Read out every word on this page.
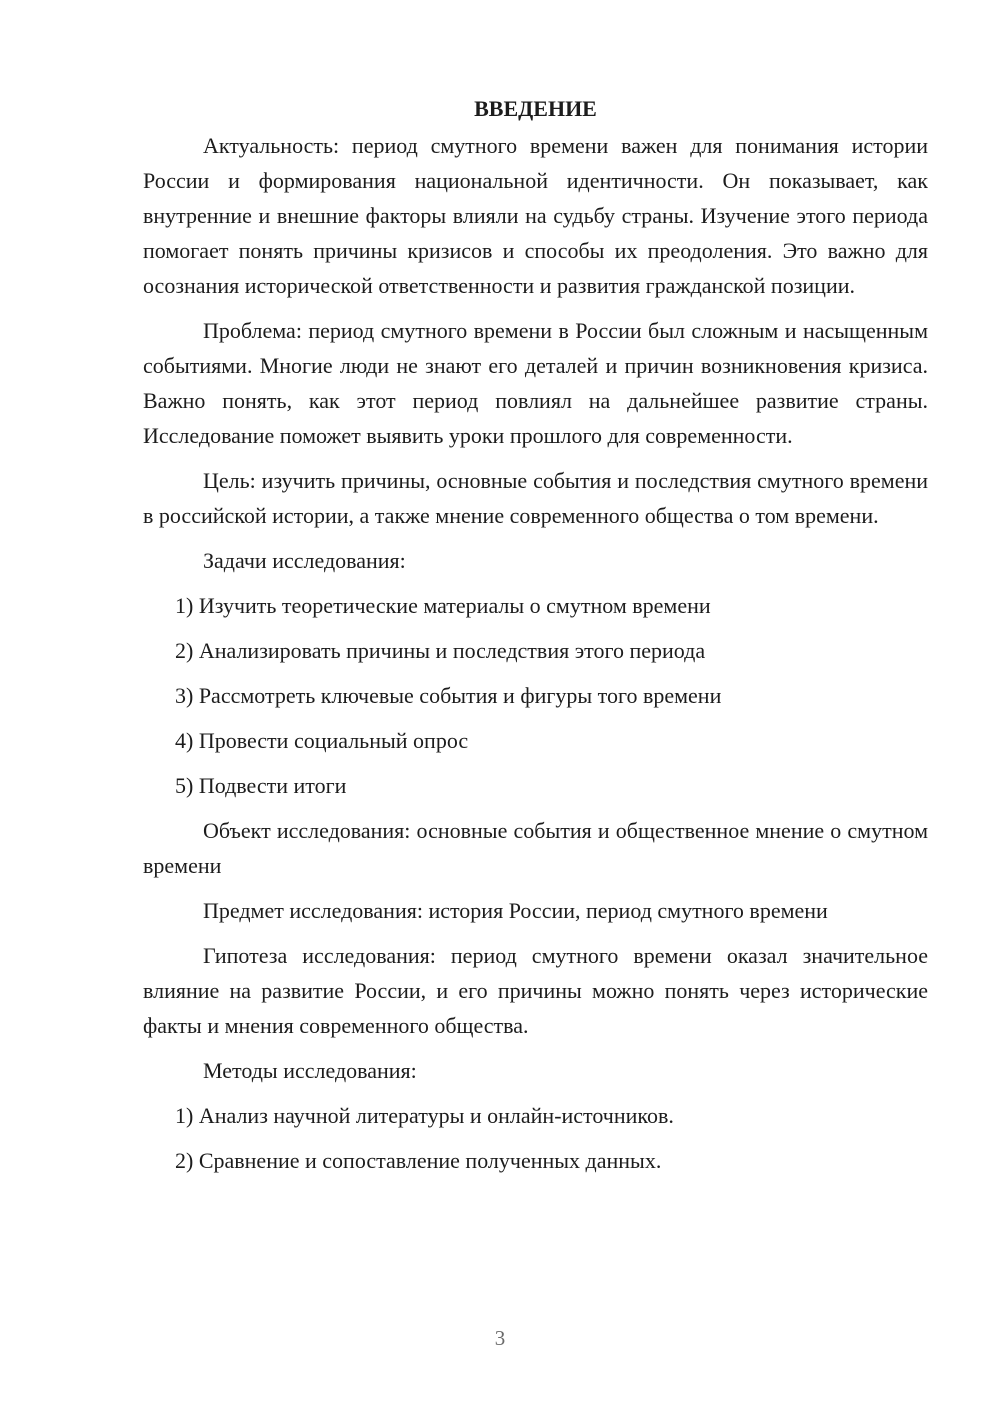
ВВЕДЕНИЕ

Актуальность: период смутного времени важен для понимания истории России и формирования национальной идентичности. Он показывает, как внутренние и внешние факторы влияли на судьбу страны. Изучение этого периода помогает понять причины кризисов и способы их преодоления. Это важно для осознания исторической ответственности и развития гражданской позиции.

Проблема: период смутного времени в России был сложным и насыщенным событиями. Многие люди не знают его деталей и причин возникновения кризиса. Важно понять, как этот период повлиял на дальнейшее развитие страны. Исследование поможет выявить уроки прошлого для современности.

Цель: изучить причины, основные события и последствия смутного времени в российской истории, а также мнение современного общества о том времени.

Задачи исследования:

1) Изучить теоретические материалы о смутном времени

2) Анализировать причины и последствия этого периода

3) Рассмотреть ключевые события и фигуры того времени

4) Провести социальный опрос

5) Подвести итоги

Объект исследования: основные события и общественное мнение о смутном времени

Предмет исследования: история России, период смутного времени

Гипотеза исследования: период смутного времени оказал значительное влияние на развитие России, и его причины можно понять через исторические факты и мнения современного общества.

Методы исследования:

1) Анализ научной литературы и онлайн-источников.

2) Сравнение и сопоставление полученных данных.

3
